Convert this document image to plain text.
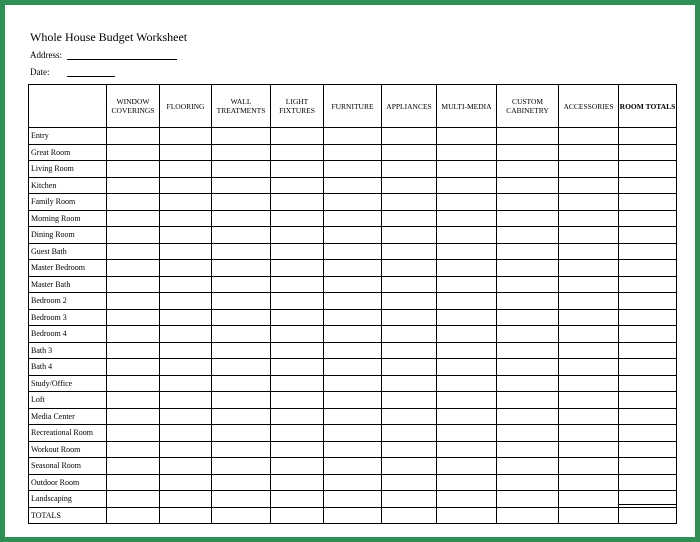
Whole House Budget Worksheet
Address:
Date:
	WINDOW COVERINGS	FLOORING	WALL TREATMENTS	LIGHT FIXTURES	FURNITURE	APPLIANCES	MULTI-MEDIA	CUSTOM CABINETRY	ACCESSORIES	ROOM TOTALS
Entry										
Great Room										
Living Room										
Kitchen										
Family Room										
Morning Room										
Dining Room										
Guest Bath										
Master Bedroom										
Master Bath										
Bedroom 2										
Bedroom 3										
Bedroom 4										
Bath 3										
Bath 4										
Study/Office										
Loft										
Media Center										
Recreational Room										
Workout Room										
Seasonal Room										
Outdoor Room										
Landscaping										

TOTALS										
